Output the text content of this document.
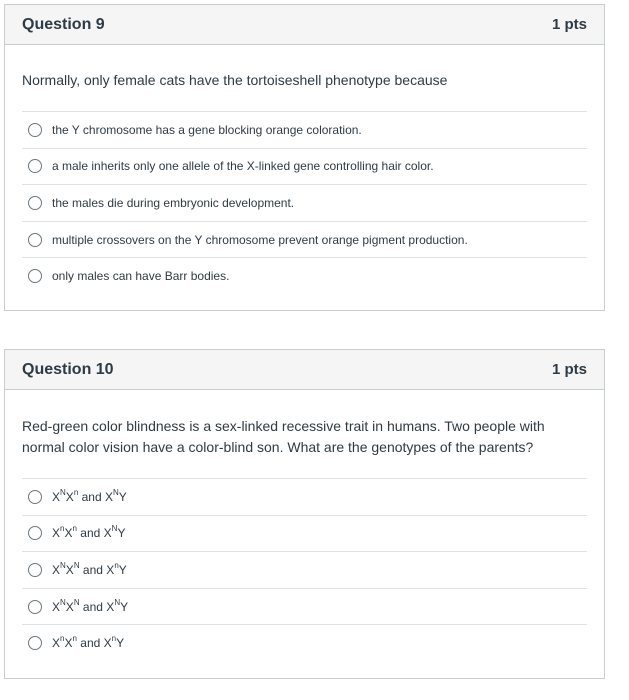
Question 9	1 pts

Normally, only female cats have the tortoiseshell phenotype because

the Y chromosome has a gene blocking orange coloration.
a male inherits only one allele of the X-linked gene controlling hair color.
the males die during embryonic development.
multiple crossovers on the Y chromosome prevent orange pigment production.
only males can have Barr bodies.
Question 10	1 pts

Red-green color blindness is a sex-linked recessive trait in humans. Two people with normal color vision have a color-blind son. What are the genotypes of the parents?

$X^NX^n$ and $X^NY$
$X^nX^n$ and $X^NY$
$X^NX^N$ and $X^nY$
$X^NX^N$ and $X^NY$
$X^nX^n$ and $X^nY$
